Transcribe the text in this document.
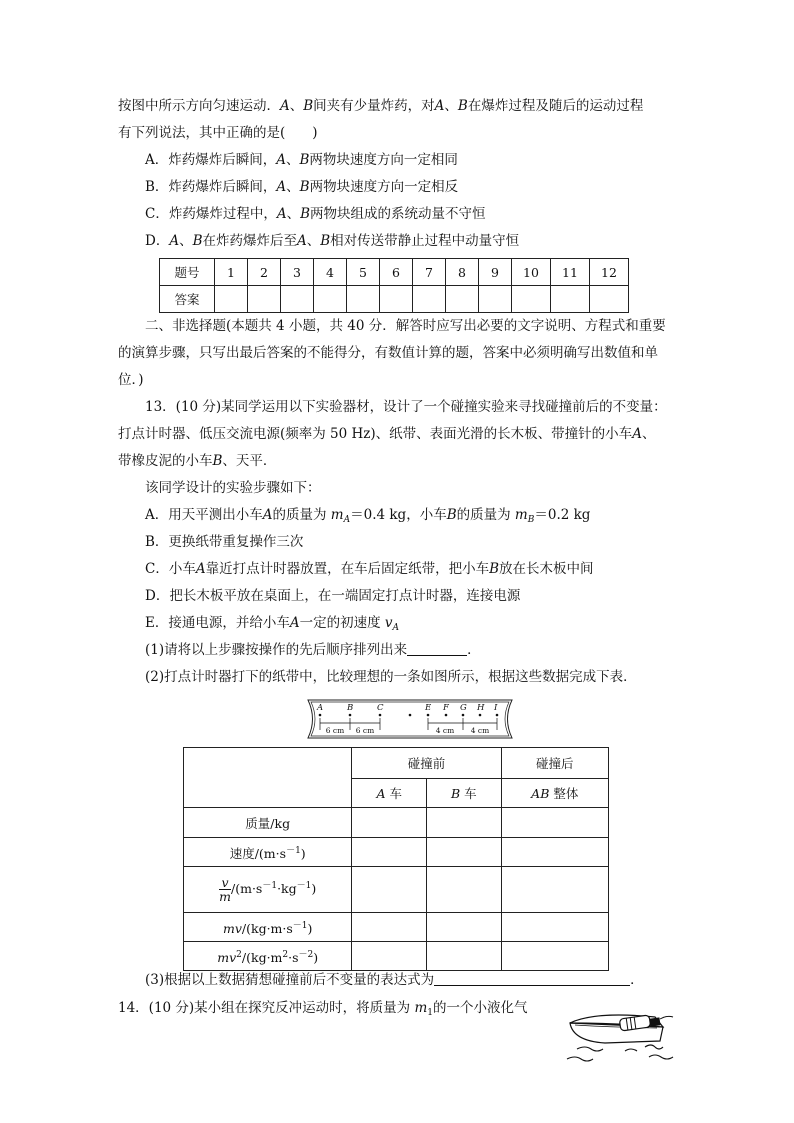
按图中所示方向匀速运动．A、B间夹有少量炸药，对A、B在爆炸过程及随后的运动过程
有下列说法，其中正确的是(　　)
A．炸药爆炸后瞬间，A、B两物块速度方向一定相同
B．炸药爆炸后瞬间，A、B两物块速度方向一定相反
C．炸药爆炸过程中，A、B两物块组成的系统动量不守恒
D．A、B在炸药爆炸后至A、B相对传送带静止过程中动量守恒
题号	1	2	3	4	5	6	7	8	9	10	11	12
答案												
二、非选择题(本题共 4 小题，共 40 分．解答时应写出必要的文字说明、方程式和重要
的演算步骤，只写出最后答案的不能得分，有数值计算的题，答案中必须明确写出数值和单
位．)
13．(10 分)某同学运用以下实验器材，设计了一个碰撞实验来寻找碰撞前后的不变量：
打点计时器、低压交流电源(频率为 50 Hz)、纸带、表面光滑的长木板、带撞针的小车A、
带橡皮泥的小车B、天平．
该同学设计的实验步骤如下：
A．用天平测出小车A的质量为 $m_A=0.4$ kg，小车B的质量为 $m_B=0.2$ kg
B．更换纸带重复操作三次
C．小车A靠近打点计时器放置，在车后固定纸带，把小车B放在长木板中间
D．把长木板平放在桌面上，在一端固定打点计时器，连接电源
E．接通电源，并给小车A一定的初速度 $v_A$
(1)请将以上步骤按操作的先后顺序排列出来	．
(2)打点计时器打下的纸带中，比较理想的一条如图所示，根据这些数据完成下表．
A	B	C	E F G H I
6 cm 6 cm	4 cm 4 cm
	碰撞前		碰撞后
	A 车	B 车	AB 整体
质量/kg			
速度$/(m\cdot s^{-1})$			

$\frac{v}{m} /(m\cdot s^{-1}\cdot kg^{-1})$			
$mv/(kg\cdot m\cdot s^{-1})$			
$mv^2/(kg\cdot m^2\cdot s^{-2})$			
(3)根据以上数据猜想碰撞前后不变量的表达式为	．
14．(10 分)某小组在探究反冲运动时，将质量为 $m_1$的一个小液化气
